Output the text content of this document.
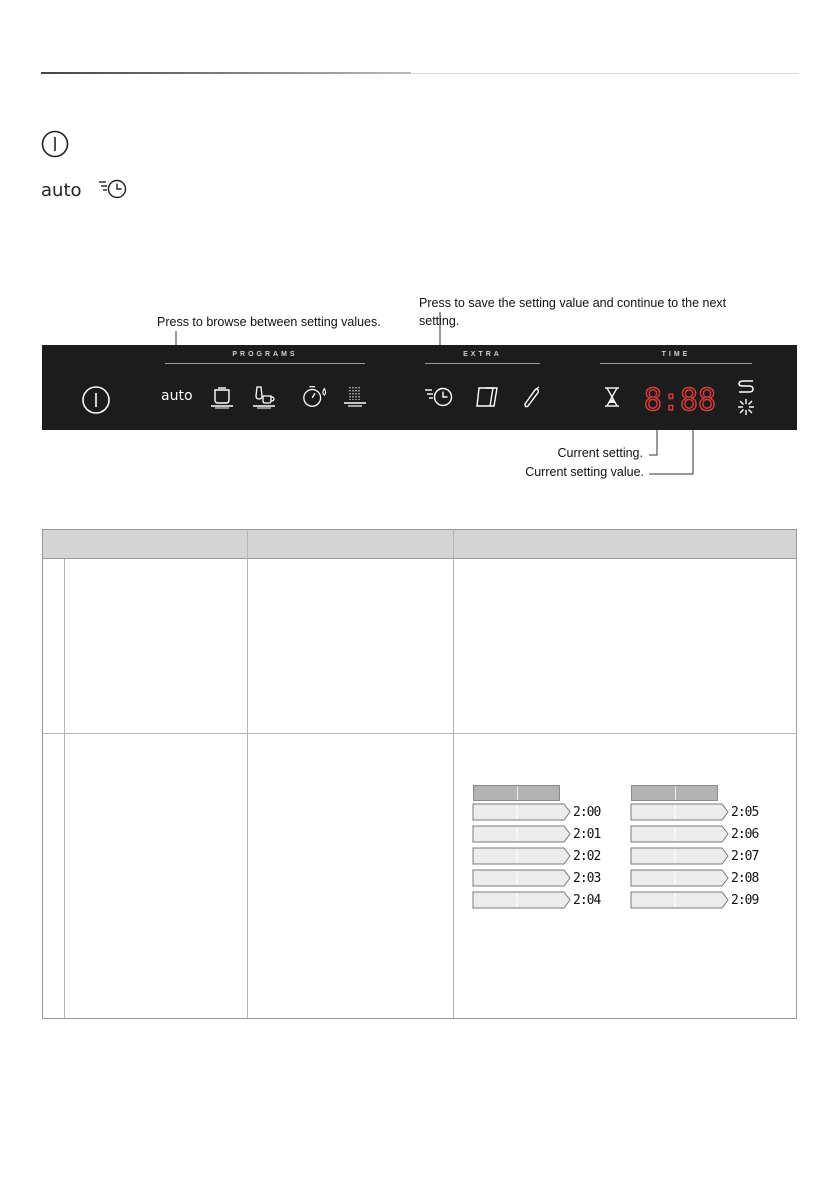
auto
Press to browse between setting values.
Press to save the setting value and continue to the next setting.
Current setting.
Current setting value.
PROGRAMS	EXTRA	TIME
auto	8:88
2:00
2:01
2:02
2:03
2:04
2:05
2:06
2:07
2:08
2:09
